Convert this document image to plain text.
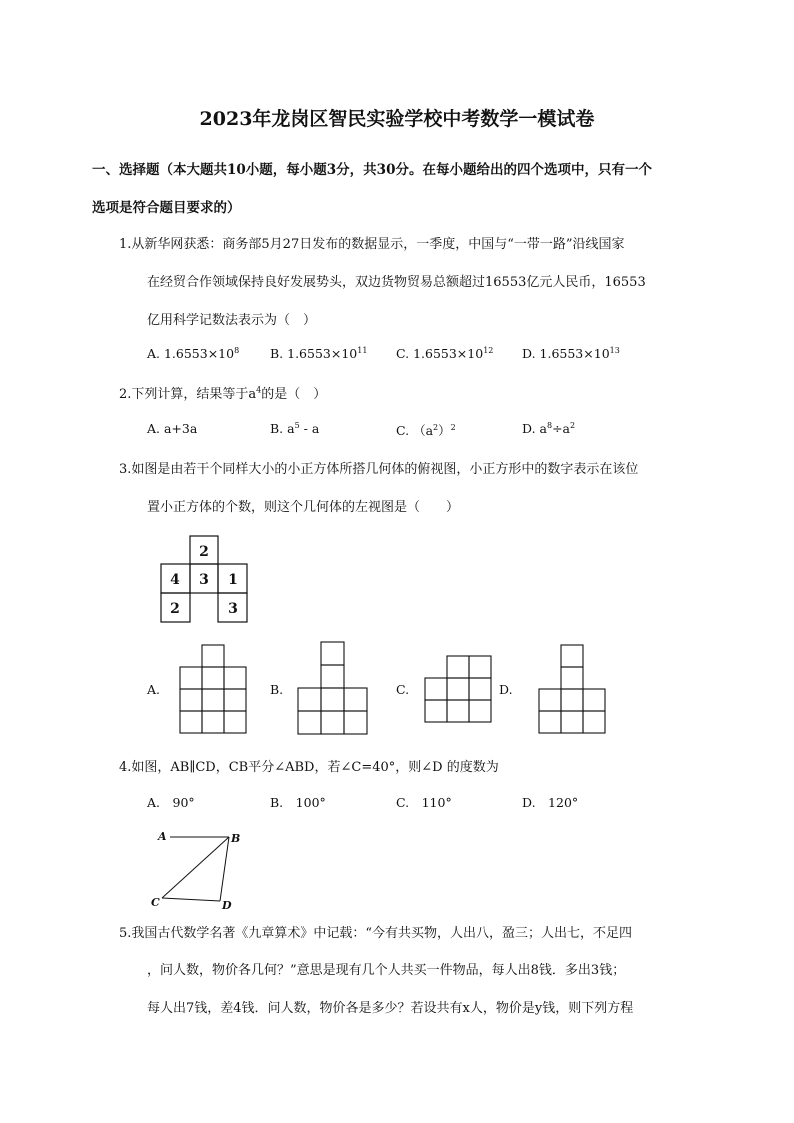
2023年龙岗区智民实验学校中考数学一模试卷
一、选择题（本大题共10小题，每小题3分，共30分。在每小题给出的四个选项中，只有一个
选项是符合题目要求的）
1.从新华网获悉：商务部5月27日发布的数据显示，一季度，中国与“一带一路”沿线国家
在经贸合作领域保持良好发展势头，双边货物贸易总额超过16553亿元人民币，16553
亿用科学记数法表示为（　）
A. $1.6553\times 10^8$ B. $1.6553\times 10^{11}$ C. $1.6553\times 10^{12}$ D. $1.6553\times 10^{13}$
2.下列计算，结果等于$a^4$的是（　）
A. a+3a	B. $a^5$ - a	C. $(a^2)^2$	D. $a^8\div a^2$
3.如图是由若干个同样大小的小正方体所搭几何体的俯视图，小正方形中的数字表示在该位
置小正方体的个数，则这个几何体的左视图是（　　）
2
4 3 1
2	3
A.	B.	C.	D.
4.如图，AB∥CD，CB平分∠ABD，若∠C=40°，则∠D 的度数为
A.　90°	B.　100°	C.　110°	D.　120°
A	B
C	D
5.我国古代数学名著《九章算术》中记载：“今有共买物，人出八，盈三；人出七，不足四
，问人数，物价各几何？”意思是现有几个人共买一件物品，每人出8钱．多出3钱；
每人出7钱，差4钱．问人数，物价各是多少？若设共有x人，物价是y钱，则下列方程
